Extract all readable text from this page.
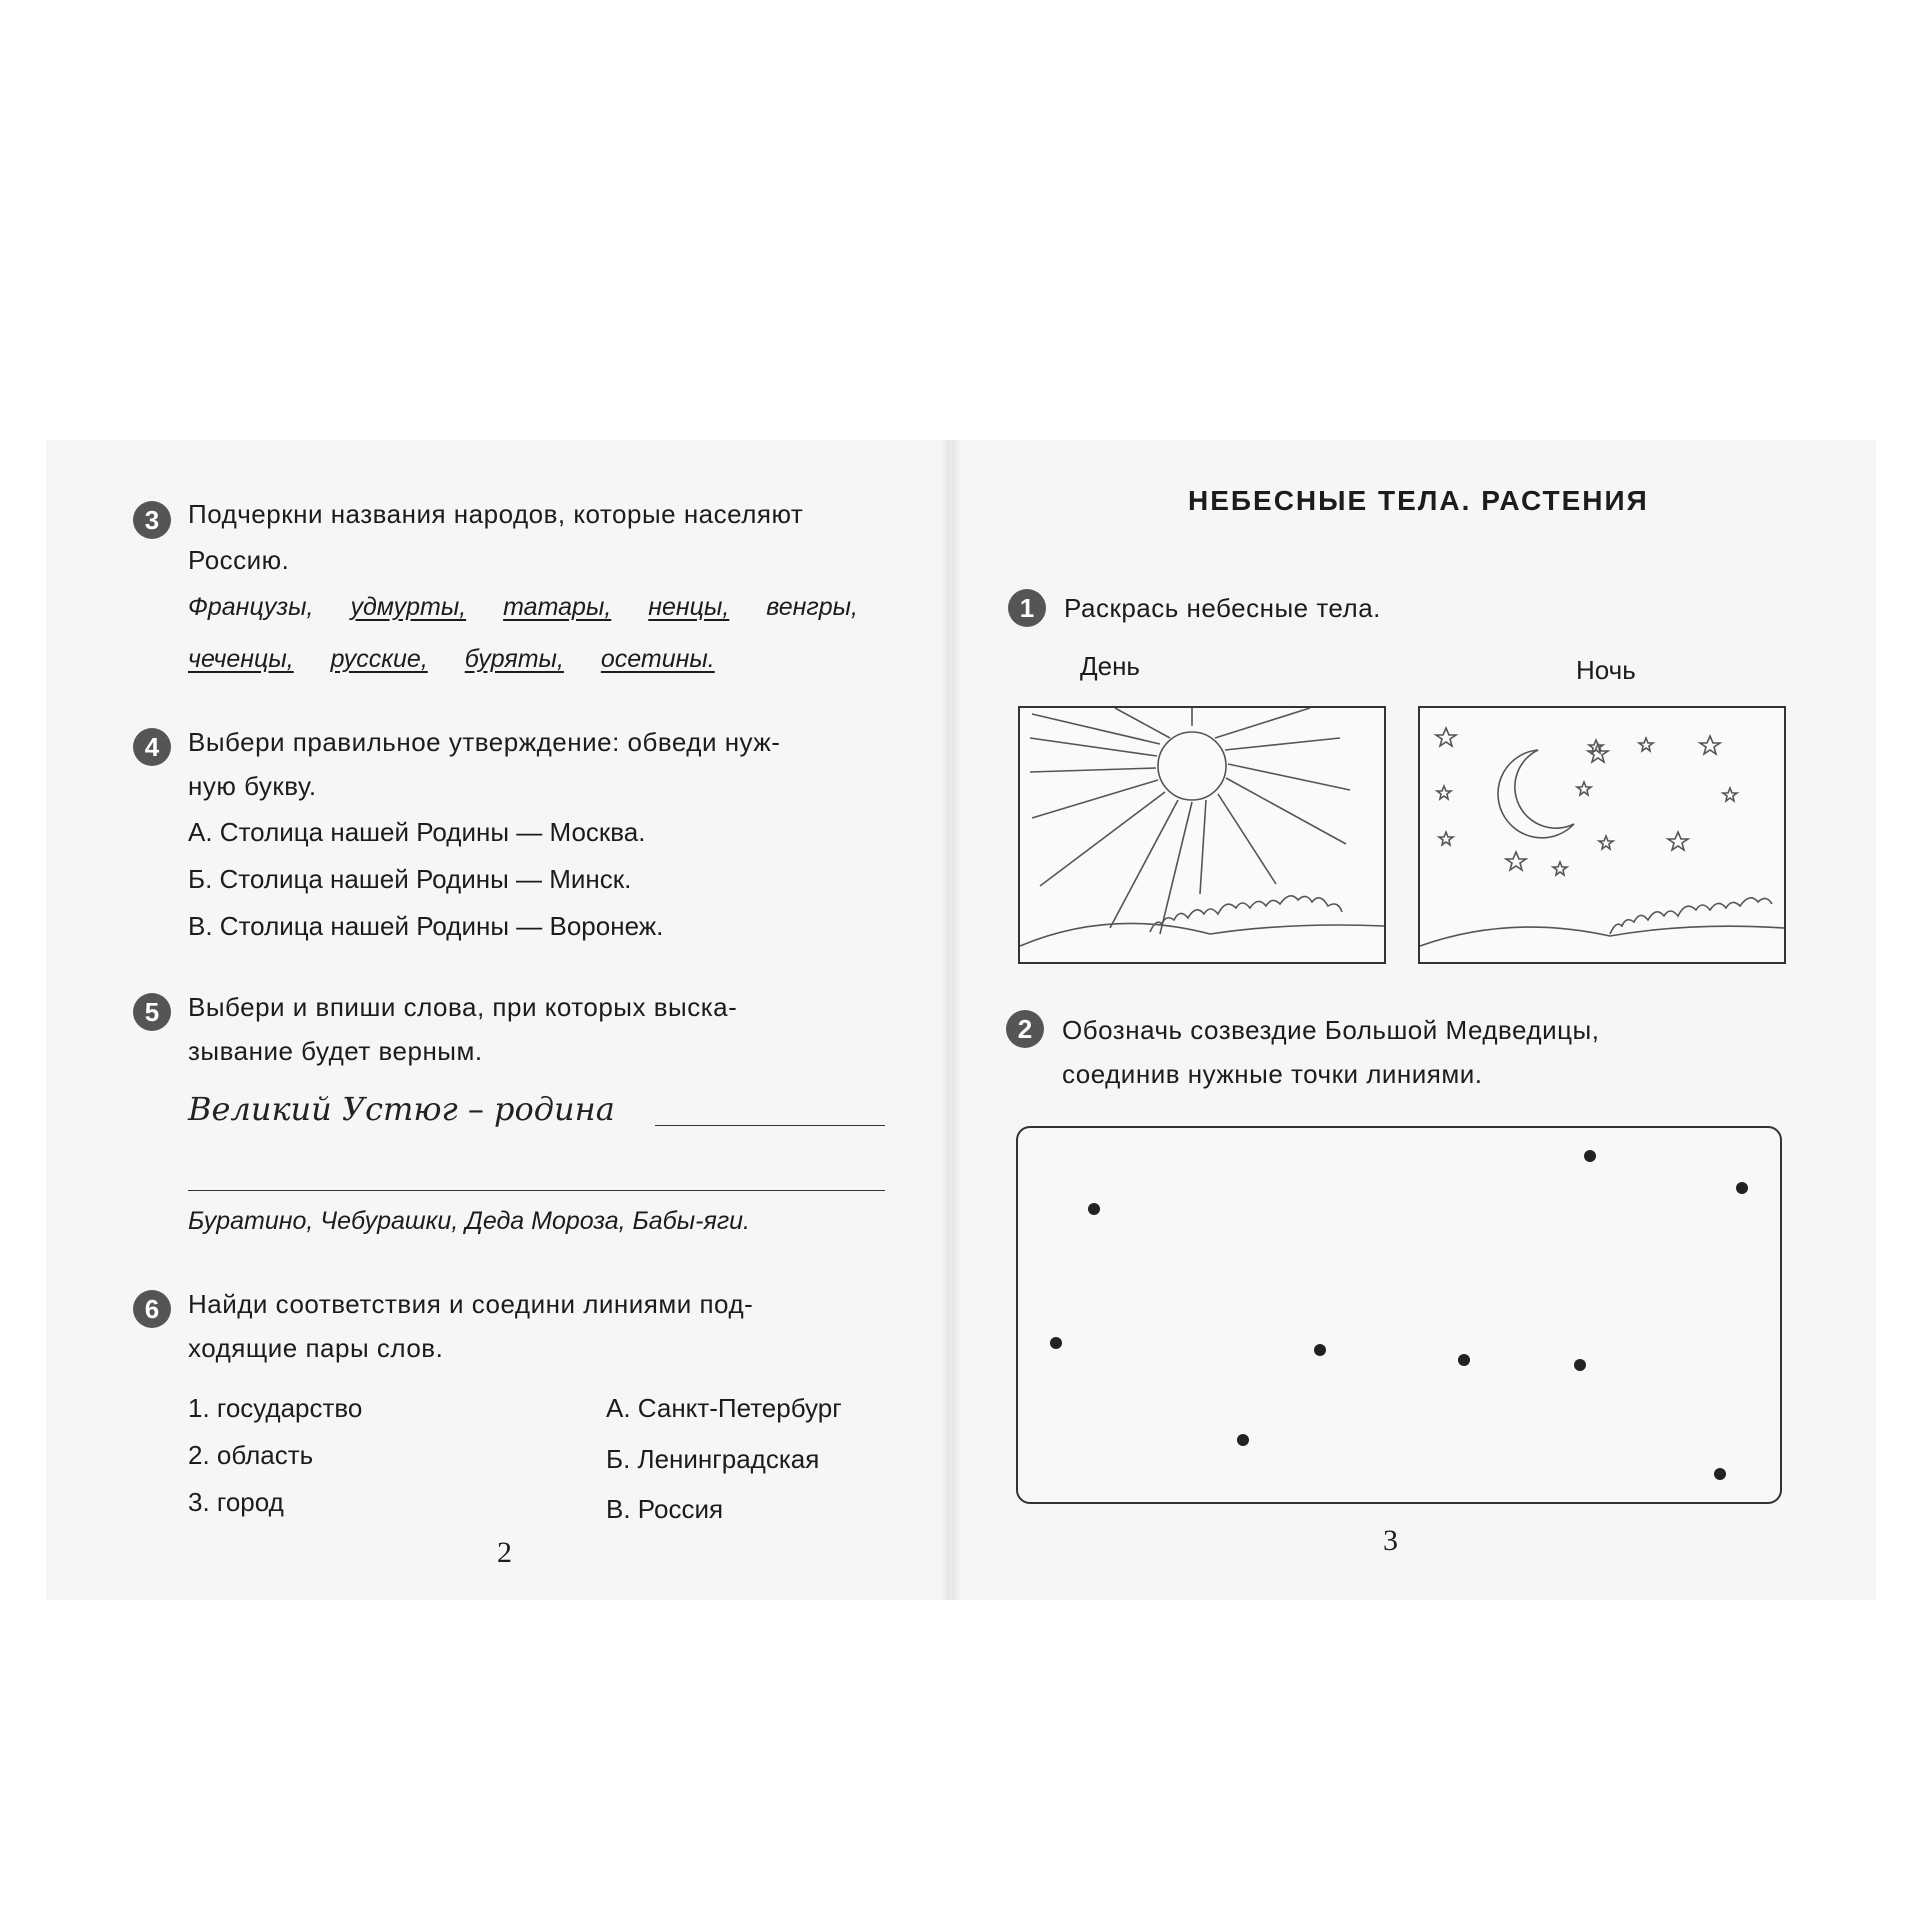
3	Подчеркни названия народов, которые населяют
Россию.
Французы, удмурты, татары, ненцы, венгры,
чеченцы, русские, буряты, осетины.
4	Выбери правильное утверждение: обведи нуж-
ную букву.
А. Столица нашей Родины — Москва.
Б. Столица нашей Родины — Минск.
В. Столица нашей Родины — Воронеж.
5	Выбери и впиши слова, при которых выска-
зывание будет верным.
Великий Устюг – родина
Буратино, Чебурашки, Деда Мороза, Бабы-яги.
6	Найди соответствия и соедини линиями под-
ходящие пары слов.
1. государство
2. область
3. город
А. Санкт-Петербург
Б. Ленинградская
В. Россия
2
НЕБЕСНЫЕ ТЕЛА. РАСТЕНИЯ
1	Раскрась небесные тела.
День	Ночь
2	Обозначь созвездие Большой Медведицы,
соединив нужные точки линиями.
3
